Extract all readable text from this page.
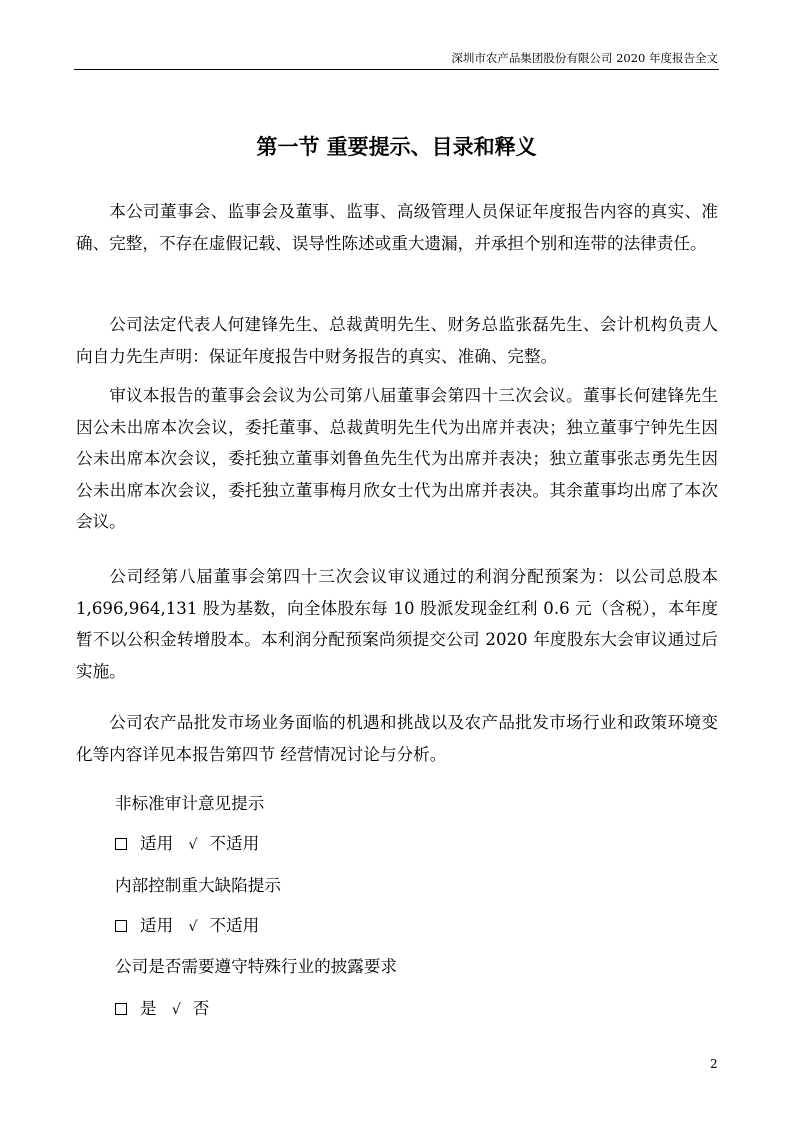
深圳市农产品集团股份有限公司 2020 年度报告全文
第一节 重要提示、目录和释义

本公司董事会、监事会及董事、监事、高级管理人员保证年度报告内容的真实、准确、完整，不存在虚假记载、误导性陈述或重大遗漏，并承担个别和连带的法律责任。

公司法定代表人何建锋先生、总裁黄明先生、财务总监张磊先生、会计机构负责人向自力先生声明：保证年度报告中财务报告的真实、准确、完整。

审议本报告的董事会会议为公司第八届董事会第四十三次会议。董事长何建锋先生因公未出席本次会议，委托董事、总裁黄明先生代为出席并表决；独立董事宁钟先生因公未出席本次会议，委托独立董事刘鲁鱼先生代为出席并表决；独立董事张志勇先生因公未出席本次会议，委托独立董事梅月欣女士代为出席并表决。其余董事均出席了本次会议。

公司经第八届董事会第四十三次会议审议通过的利润分配预案为：以公司总股本 1,696,964,131 股为基数，向全体股东每 10 股派发现金红利 0.6 元（含税），本年度暂不以公积金转增股本。本利润分配预案尚须提交公司 2020 年度股东大会审议通过后实施。

公司农产品批发市场业务面临的机遇和挑战以及农产品批发市场行业和政策环境变化等内容详见本报告第四节 经营情况讨论与分析。

非标准审计意见提示
适用 √ 不适用
内部控制重大缺陷提示
适用 √ 不适用
公司是否需要遵守特殊行业的披露要求
是 √ 否
2
